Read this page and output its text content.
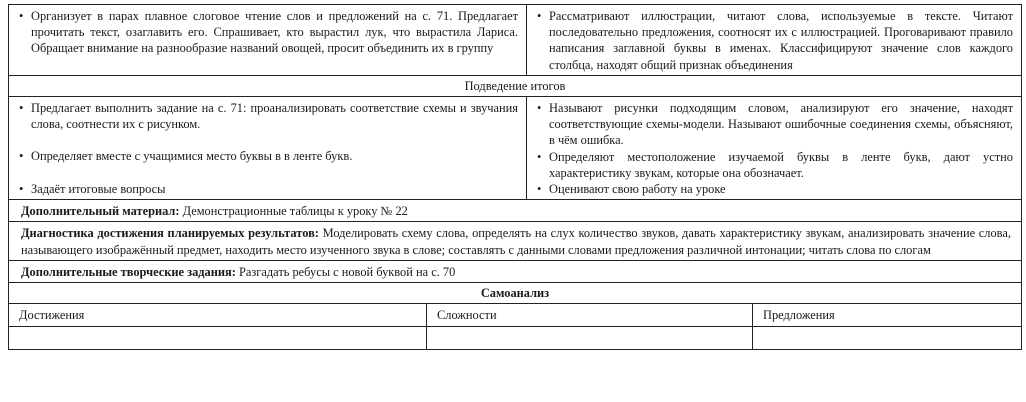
• Организует в парах плавное слоговое чтение слов и предложений на с. 71. Предлагает прочитать текст, озаглавить его. Спрашивает, кто вырастил лук, что вырастила Лариса. Обращает внимание на разнообразие названий овощей, просит объединить их в группу
• Рассматривают иллюстрации, читают слова, используемые в тексте. Читают последовательно предложения, соотносят их с иллюстрацией. Проговаривают правило написания заглавной буквы в именах. Классифицируют значение слов каждого столбца, находят общий признак объединения
Подведение итогов
• Предлагает выполнить задание на с. 71: проанализировать соответствие схемы и звучания слова, соотнести их с рисунком.
• Определяет вместе с учащимися место буквы в в ленте букв.
• Задаёт итоговые вопросы
• Называют рисунки подходящим словом, анализируют его значение, находят соответствующие схемы-модели. Называют ошибочные соединения схемы, объясняют, в чём ошибка.
• Определяют местоположение изучаемой буквы в ленте букв, дают устно характеристику звукам, которые она обозначает.
• Оценивают свою работу на уроке
Дополнительный материал: Демонстрационные таблицы к уроку № 22
Диагностика достижения планируемых результатов: Моделировать схему слова, определять на слух количество звуков, давать характеристику звукам, анализировать значение слова, называющего изображённый предмет, находить место изученного звука в слове; составлять с данными словами предложения различной интонации; читать слова по слогам
Дополнительные творческие задания: Разгадать ребусы с новой буквой на с. 70
Самоанализ
Достижения	Сложности	Предложения
